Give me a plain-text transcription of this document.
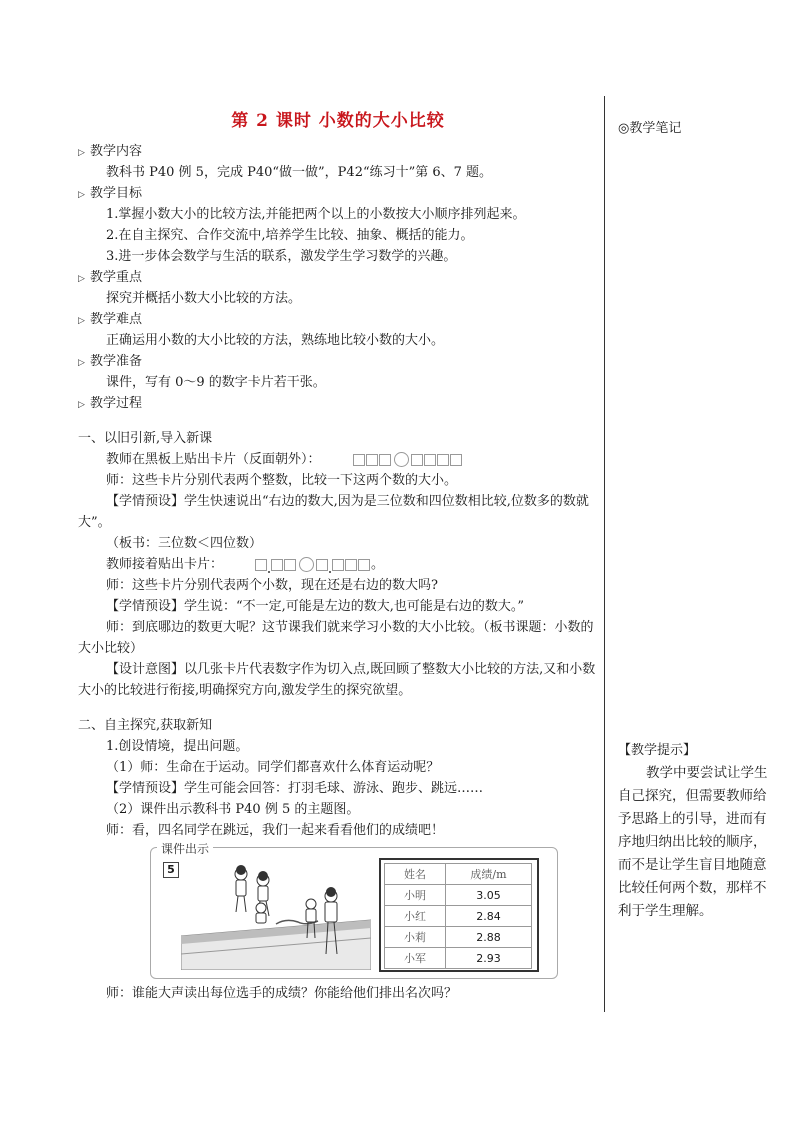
第 2 课时 小数的大小比较
▷ 教学内容
教科书 P40 例 5，完成 P40“做一做”，P42“练习十”第 6、7 题。
▷ 教学目标
1.掌握小数大小的比较方法,并能把两个以上的小数按大小顺序排列起来。
2.在自主探究、合作交流中,培养学生比较、抽象、概括的能力。
3.进一步体会数学与生活的联系，激发学生学习数学的兴趣。
▷ 教学重点
探究并概括小数大小比较的方法。
▷ 教学难点
正确运用小数的大小比较的方法，熟练地比较小数的大小。
▷ 教学准备
课件，写有 0～9 的数字卡片若干张。
▷ 教学过程
一、以旧引新,导入新课
教师在黑板上贴出卡片（反面朝外）：
师：这些卡片分别代表两个整数，比较一下这两个数的大小。
【学情预设】学生快速说出“右边的数大,因为是三位数和四位数相比较,位数多的数就大”。
（板书：三位数＜四位数）
教师接着贴出卡片：	。
师：这些卡片分别代表两个小数，现在还是右边的数大吗?
【学情预设】学生说：“不一定,可能是左边的数大,也可能是右边的数大。”
师：到底哪边的数更大呢？这节课我们就来学习小数的大小比较。（板书课题：小数的大小比较）
【设计意图】以几张卡片代表数字作为切入点,既回顾了整数大小比较的方法,又和小数大小的比较进行衔接,明确探究方向,激发学生的探究欲望。
二、自主探究,获取新知
1.创设情境，提出问题。
（1）师：生命在于运动。同学们都喜欢什么体育运动呢？
【学情预设】学生可能会回答：打羽毛球、游泳、跑步、跳远……
（2）课件出示教科书 P40 例 5 的主题图。
师：看，四名同学在跳远，我们一起来看看他们的成绩吧！
课件出示
5	姓名	成绩/m
小明	3.05
小红	2.84
小莉	2.88
小军	2.93
师：谁能大声读出每位选手的成绩？你能给他们排出名次吗？
◎教学笔记
【教学提示】
教学中要尝试让学生自己探究，但需要教师给予思路上的引导，进而有序地归纳出比较的顺序，而不是让学生盲目地随意比较任何两个数，那样不利于学生理解。
